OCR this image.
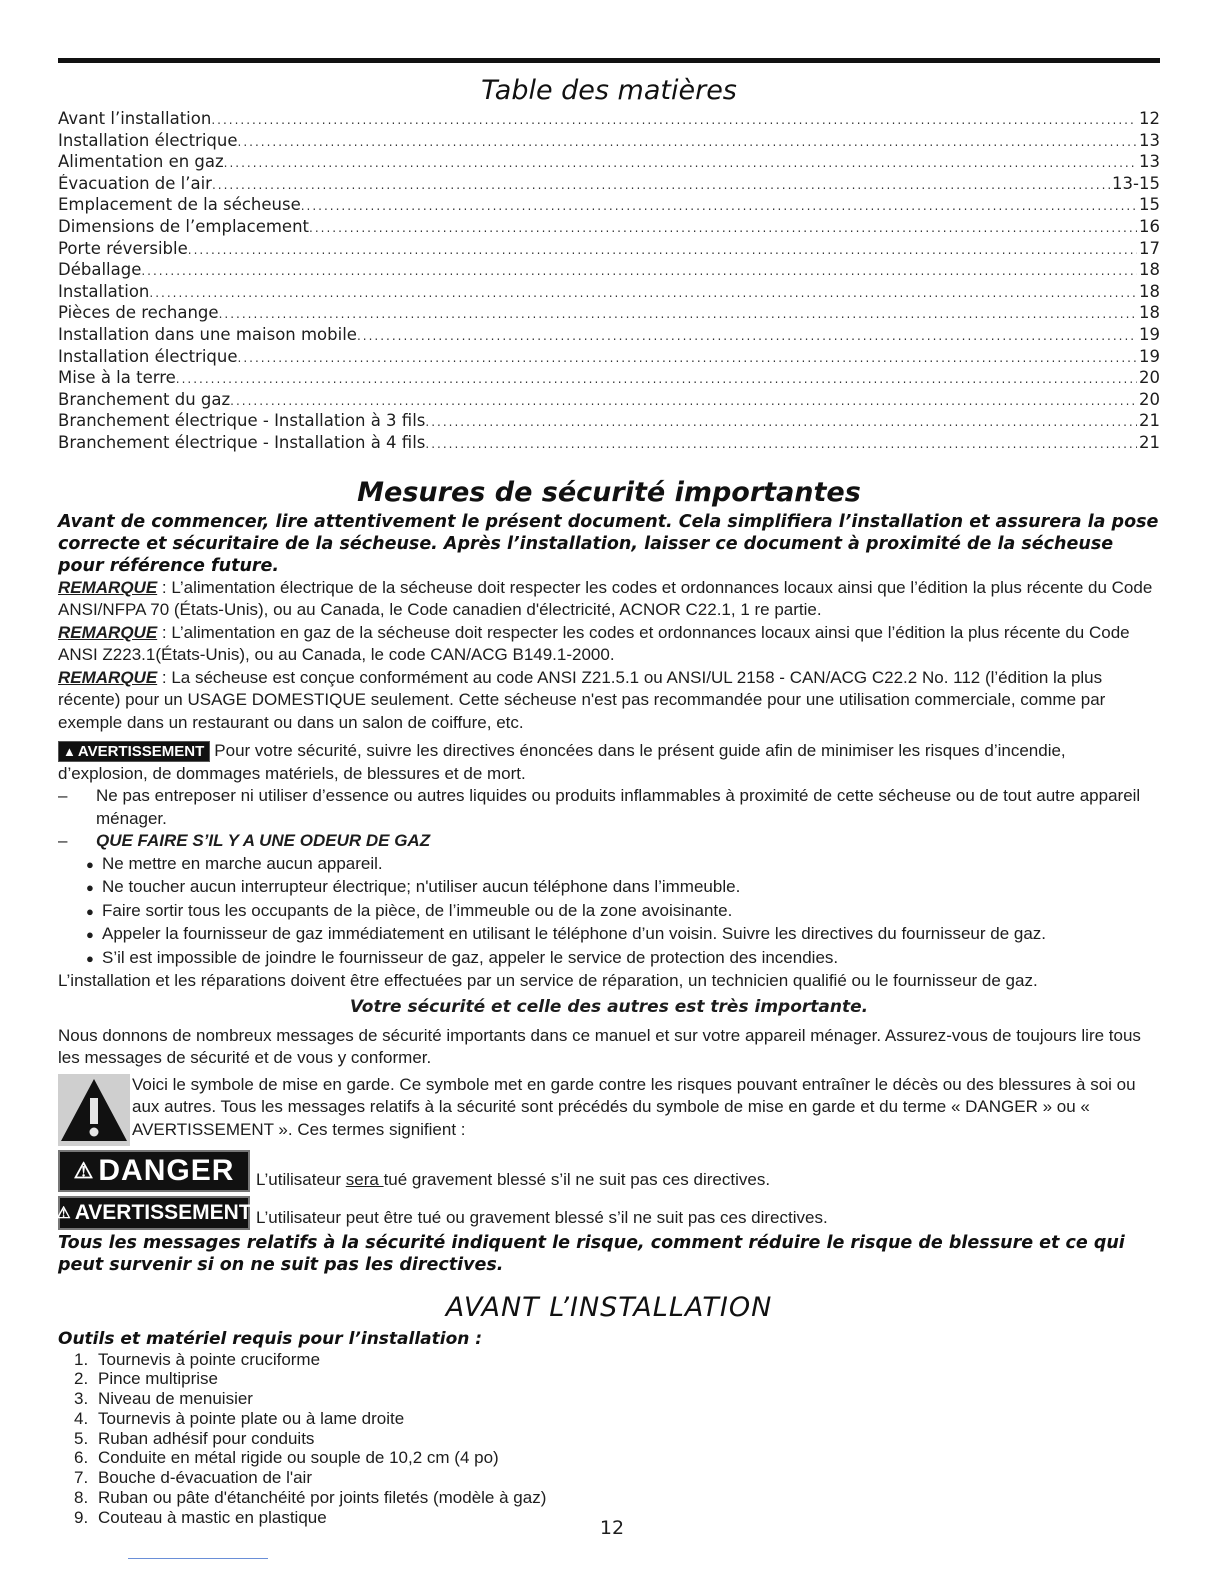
Table des matières
Avant l’installation .....	12
Installation électrique .....	13
Alimentation en gaz .....	13
Évacuation de l’air .....	13-15
Emplacement de la sécheuse .....	15
Dimensions de l’emplacement .....	16
Porte réversible .....	17
Déballage .....	18
Installation .....	18
Pièces de rechange .....	18
Installation dans une maison mobile .....	19
Installation électrique .....	19
Mise à la terre .....	20
Branchement du gaz .....	20
Branchement électrique - Installation à 3 fils .....	21
Branchement électrique - Installation à 4 fils .....	21
Mesures de sécurité importantes

Avant de commencer, lire attentivement le présent document. Cela simplifiera l’installation et assurera la pose correcte et sécuritaire de la sécheuse. Après l’installation, laisser ce document à proximité de la sécheuse pour référence future.

REMARQUE : L’alimentation électrique de la sécheuse doit respecter les codes et ordonnances locaux ainsi que l’édition la plus récente du Code ANSI/NFPA 70 (États-Unis), ou au Canada, le Code canadien d'électricité, ACNOR C22.1, 1 re partie.

REMARQUE : L’alimentation en gaz de la sécheuse doit respecter les codes et ordonnances locaux ainsi que l’édition la plus récente du Code ANSI Z223.1(États-Unis), ou au Canada, le code CAN/ACG B149.1-2000.

REMARQUE : La sécheuse est conçue conformément au code ANSI Z21.5.1 ou ANSI/UL 2158 - CAN/ACG C22.2 No. 112 (l’édition la plus récente) pour un USAGE DOMESTIQUE seulement. Cette sécheuse n'est pas recommandée pour une utilisation commerciale, comme par exemple dans un restaurant ou dans un salon de coiffure, etc.

▲ AVERTISSEMENT Pour votre sécurité, suivre les directives énoncées dans le présent guide afin de minimiser les risques d’incendie, d’explosion, de dommages matériels, de blessures et de mort.

– Ne pas entreposer ni utiliser d’essence ou autres liquides ou produits inflammables à proximité de cette sécheuse ou de tout autre appareil ménager.

– QUE FAIRE S’IL Y A UNE ODEUR DE GAZ

● Ne mettre en marche aucun appareil.
● Ne toucher aucun interrupteur électrique; n'utiliser aucun téléphone dans l’immeuble.
● Faire sortir tous les occupants de la pièce, de l’immeuble ou de la zone avoisinante.
● Appeler la fournisseur de gaz immédiatement en utilisant le téléphone d’un voisin. Suivre les directives du fournisseur de gaz.
● S’il est impossible de joindre le fournisseur de gaz, appeler le service de protection des incendies.

L’installation et les réparations doivent être effectuées par un service de réparation, un technicien qualifié ou le fournisseur de gaz.

Votre sécurité et celle des autres est très importante.

Nous donnons de nombreux messages de sécurité importants dans ce manuel et sur votre appareil ménager. Assurez-vous de toujours lire tous les messages de sécurité et de vous y conformer.

Voici le symbole de mise en garde. Ce symbole met en garde contre les risques pouvant entraîner le décès ou des blessures à soi ou aux autres. Tous les messages relatifs à la sécurité sont précédés du symbole de mise en garde et du terme « DANGER » ou « AVERTISSEMENT ». Ces termes signifient :

⚠ DANGER L’utilisateur sera tué gravement blessé s’il ne suit pas ces directives.

⚠ AVERTISSEMENT L’utilisateur peut être tué ou gravement blessé s’il ne suit pas ces directives.

Tous les messages relatifs à la sécurité indiquent le risque, comment réduire le risque de blessure et ce qui peut survenir si on ne suit pas les directives.

AVANT L’INSTALLATION

Outils et matériel requis pour l’installation :

1. Tournevis à pointe cruciforme
2. Pince multiprise
3. Niveau de menuisier
4. Tournevis à pointe plate ou à lame droite
5. Ruban adhésif pour conduits
6. Conduite en métal rigide ou souple de 10,2 cm (4 po)
7. Bouche d-évacuation de l'air
8. Ruban ou pâte d'étanchéité por joints filetés (modèle à gaz)
9. Couteau à mastic en plastique	12
